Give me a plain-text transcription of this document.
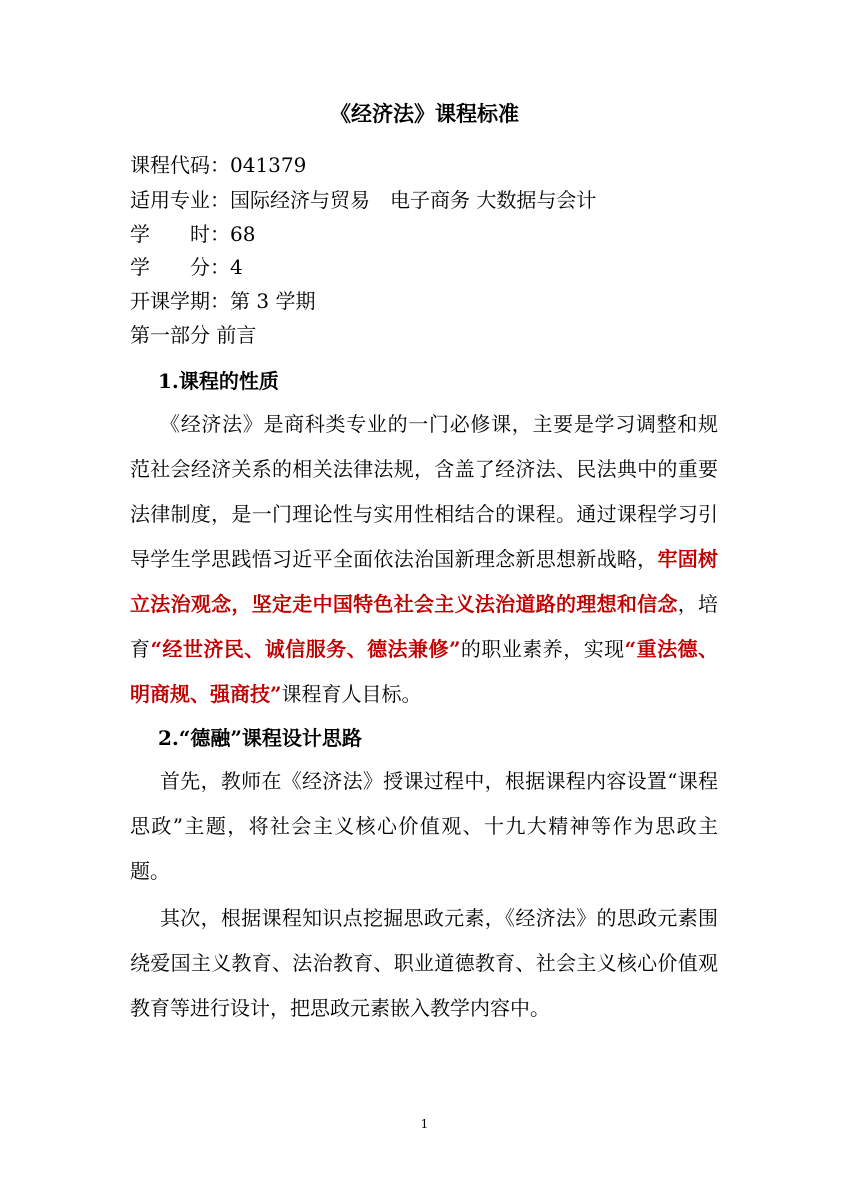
《经济法》课程标准
课程代码：041379
适用专业：国际经济与贸易　电子商务 大数据与会计
学　　时：68
学　　分：4
开课学期：第 3 学期
第一部分 前言
1.课程的性质
《经济法》是商科类专业的一门必修课，主要是学习调整和规范社会经济关系的相关法律法规，含盖了经济法、民法典中的重要法律制度，是一门理论性与实用性相结合的课程。通过课程学习引导学生学思践悟习近平全面依法治国新理念新思想新战略，牢固树立法治观念，坚定走中国特色社会主义法治道路的理想和信念，培育“经世济民、诚信服务、德法兼修”的职业素养，实现“重法德、明商规、强商技”课程育人目标。
2.“德融”课程设计思路
首先，教师在《经济法》授课过程中，根据课程内容设置“课程思政”主题，将社会主义核心价值观、十九大精神等作为思政主题。
其次，根据课程知识点挖掘思政元素，《经济法》的思政元素围绕爱国主义教育、法治教育、职业道德教育、社会主义核心价值观教育等进行设计，把思政元素嵌入教学内容中。
1
